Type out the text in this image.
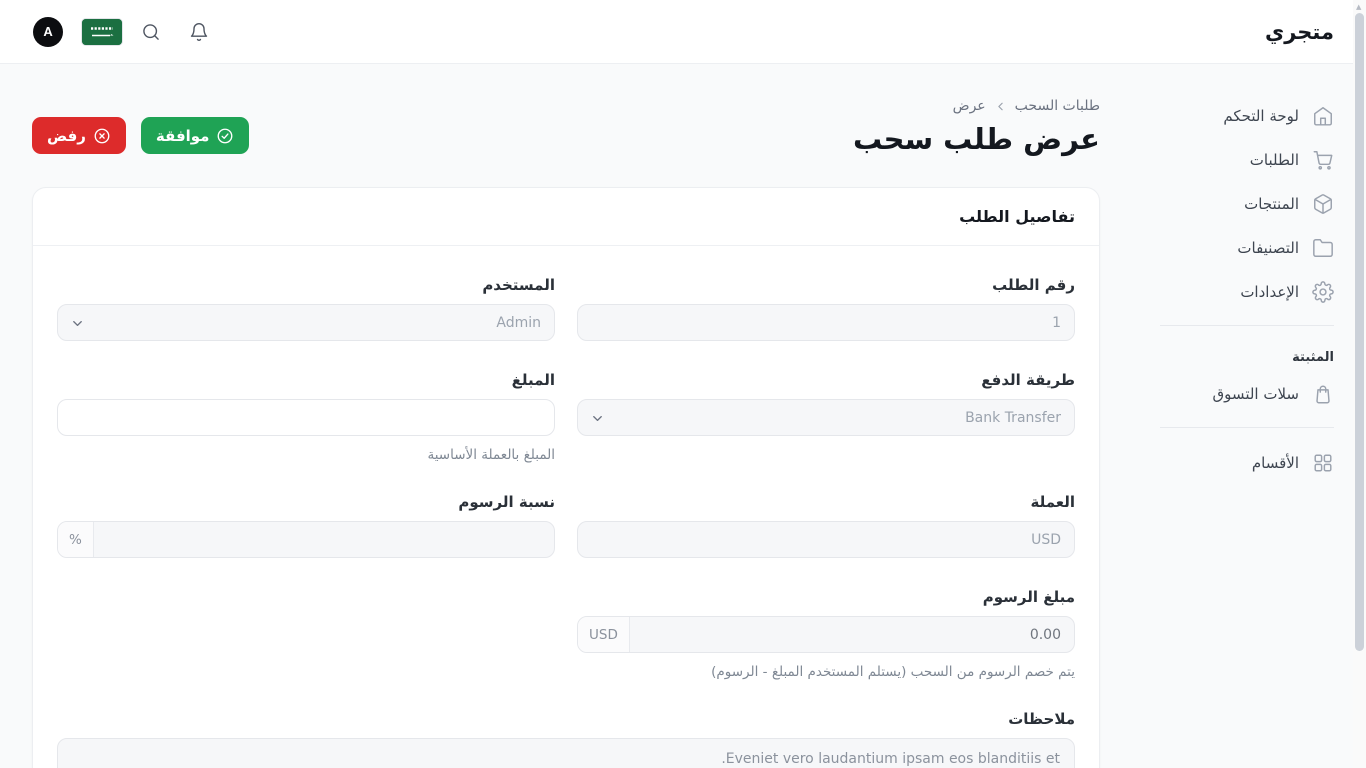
متجري
A
لوحة التحكم
الطلبات
المنتجات
التصنيفات
الإعدادات
المثبتة
سلات التسوق
الأقسام
طلبات السحب
عرض
عرض طلب سحب
موافقة
رفض
تفاصيل الطلب
رقم الطلب
1
المستخدم
Admin
طريقة الدفع
Bank Transfer
المبلغ
المبلغ بالعملة الأساسية
العملة
USD
نسبة الرسوم
%
مبلغ الرسوم
0.00
USD
يتم خصم الرسوم من السحب (يستلم المستخدم المبلغ - الرسوم)
ملاحظات
Eveniet vero laudantium ipsam eos blanditiis et.
▲
